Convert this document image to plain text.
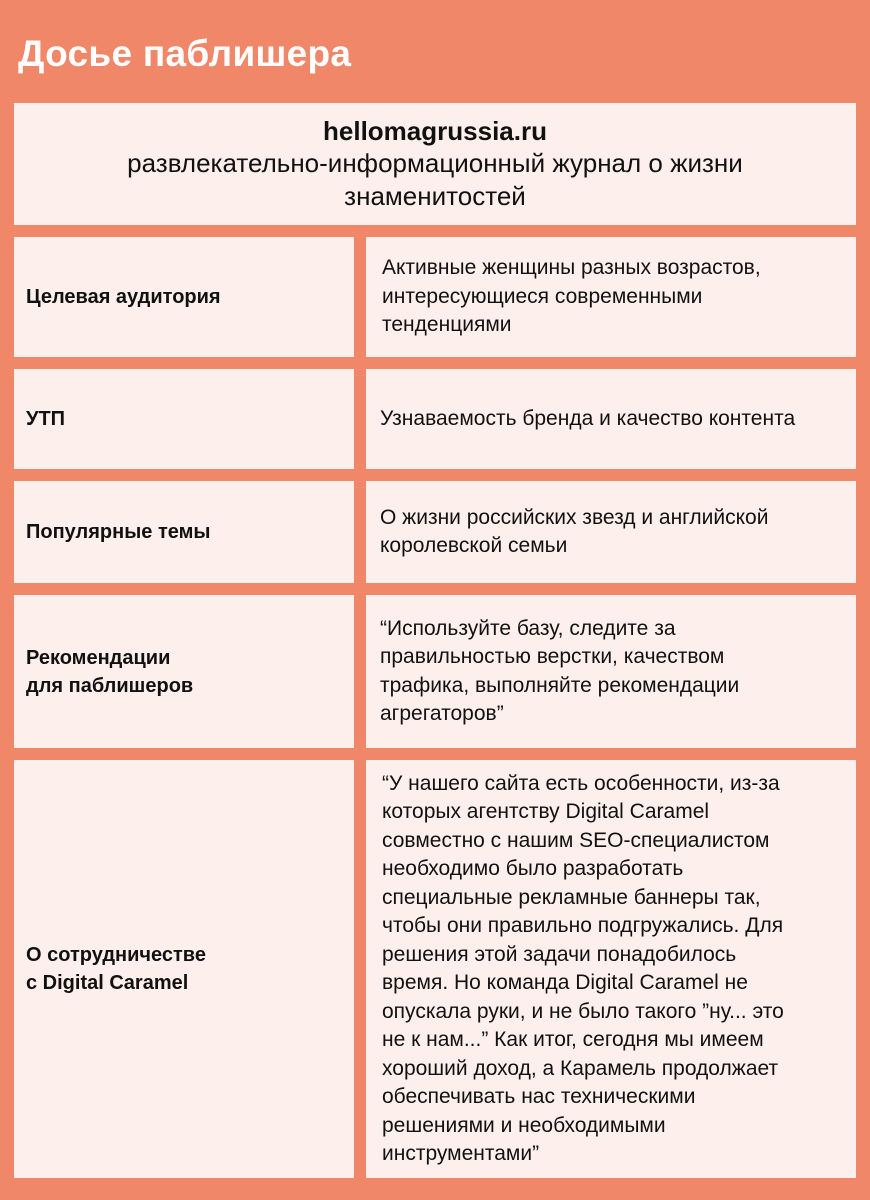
Досье паблишера
hellomagrussia.ru
развлекательно-информационный журнал о жизни знаменитостей
Целевая аудитория
Активные женщины разных возрастов,
интересующиеся современными
тенденциями
УТП	Узнаваемость бренда и качество контента
Популярные темы
О жизни российских звезд и английской
королевской семьи
Рекомендации
для паблишеров
“Используйте базу, следите за
правильностью верстки, качеством
трафика, выполняйте рекомендации
агрегаторов”
О сотрудничестве
с Digital Caramel
“У нашего сайта есть особенности, из-за
которых агентству Digital Caramel
совместно с нашим SEO-специалистом
необходимо было разработать
специальные рекламные баннеры так,
чтобы они правильно подгружались. Для
решения этой задачи понадобилось
время. Но команда Digital Caramel не
опускала руки, и не было такого ”ну... это
не к нам...” Как итог, сегодня мы имеем
хороший доход, а Карамель продолжает
обеспечивать нас техническими
решениями и необходимыми
инструментами”
